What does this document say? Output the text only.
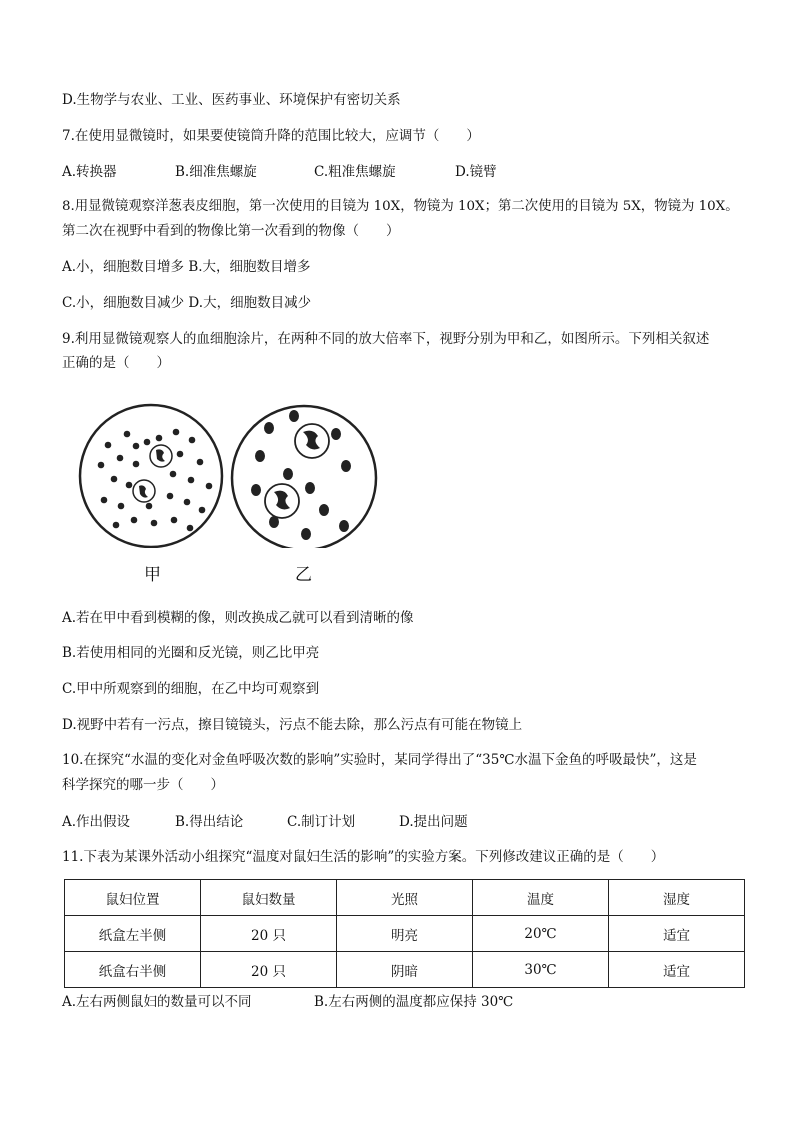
D.生物学与农业、工业、医药事业、环境保护有密切关系
7.在使用显微镜时，如果要使镜筒升降的范围比较大，应调节（　　）
A.转换器	B.细准焦螺旋	C.粗准焦螺旋	D.镜臂
8.用显微镜观察洋葱表皮细胞，第一次使用的目镜为 10X，物镜为 10X；第二次使用的目镜为 5X，物镜为 10X。
第二次在视野中看到的物像比第一次看到的物像（　　）
A.小，细胞数目增多 B.大，细胞数目增多
C.小，细胞数目减少 D.大，细胞数目减少
9.利用显微镜观察人的血细胞涂片，在两种不同的放大倍率下，视野分别为甲和乙，如图所示。下列相关叙述
正确的是（　　）
甲	乙
A.若在甲中看到模糊的像，则改换成乙就可以看到清晰的像
B.若使用相同的光圈和反光镜，则乙比甲亮
C.甲中所观察到的细胞，在乙中均可观察到
D.视野中若有一污点，擦目镜镜头，污点不能去除，那么污点有可能在物镜上
10.在探究“水温的变化对金鱼呼吸次数的影响”实验时，某同学得出了“35℃水温下金鱼的呼吸最快”，这是
科学探究的哪一步（　　）
A.作出假设	B.得出结论	C.制订计划	D.提出问题
11.下表为某课外活动小组探究“温度对鼠妇生活的影响”的实验方案。下列修改建议正确的是（　　）
鼠妇位置	鼠妇数量	光照	温度	湿度
纸盒左半侧	20 只	明亮	20℃	适宜
纸盒右半侧	20 只	阴暗	30℃	适宜
A.左右两侧鼠妇的数量可以不同	B.左右两侧的温度都应保持 30℃
